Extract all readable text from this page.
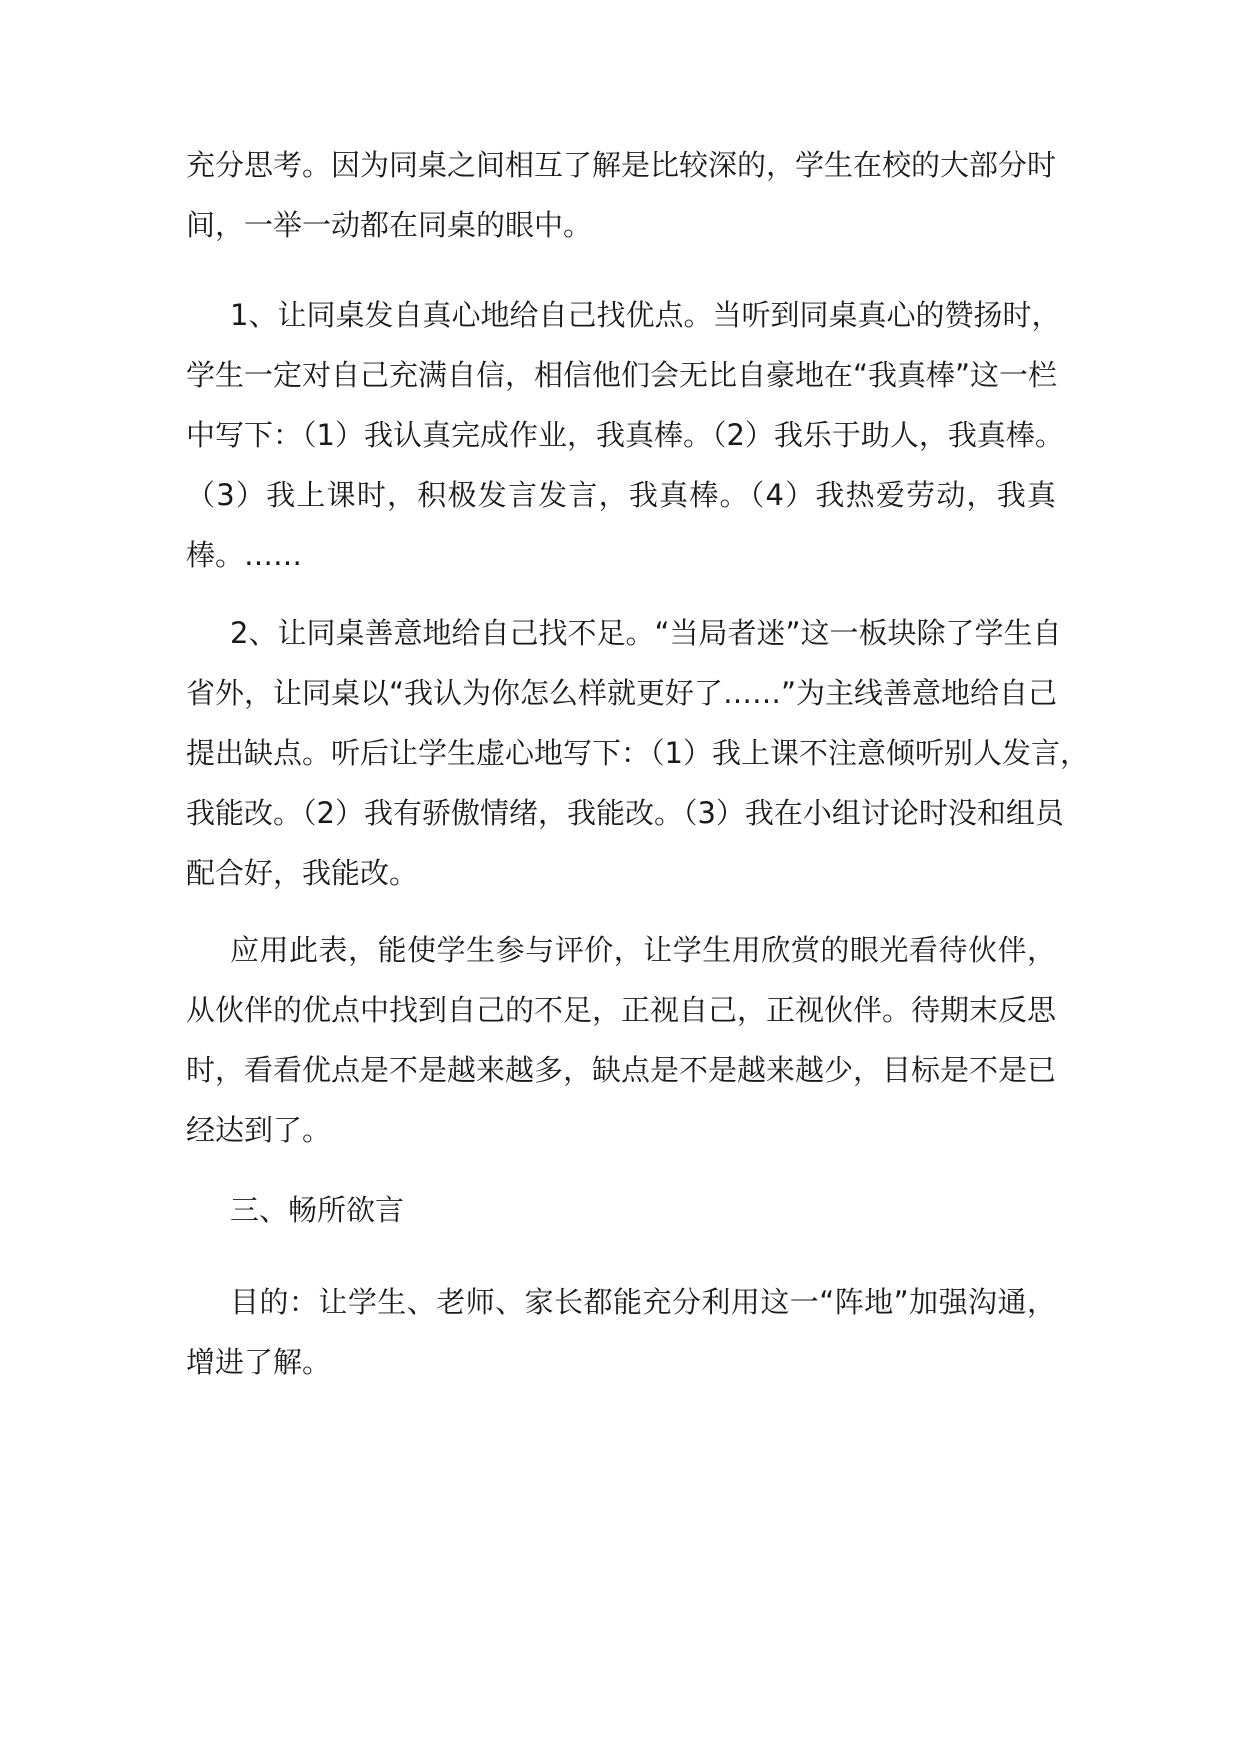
充分思考。因为同桌之间相互了解是比较深的，学生在校的大部分时
间，一举一动都在同桌的眼中。
1、让同桌发自真心地给自己找优点。当听到同桌真心的赞扬时，
学生一定对自己充满自信，相信他们会无比自豪地在“我真棒”这一栏
中写下：（1）我认真完成作业，我真棒。（2）我乐于助人，我真棒。
（3）我上课时，积极发言发言，我真棒。（4）我热爱劳动，我真
棒。……
2、让同桌善意地给自己找不足。“当局者迷”这一板块除了学生自
省外，让同桌以“我认为你怎么样就更好了……”为主线善意地给自己
提出缺点。听后让学生虚心地写下：（1）我上课不注意倾听别人发言，
我能改。（2）我有骄傲情绪，我能改。（3）我在小组讨论时没和组员
配合好，我能改。
应用此表，能使学生参与评价，让学生用欣赏的眼光看待伙伴，
从伙伴的优点中找到自己的不足，正视自己，正视伙伴。待期末反思
时，看看优点是不是越来越多，缺点是不是越来越少，目标是不是已
经达到了。
三、畅所欲言
目的：让学生、老师、家长都能充分利用这一“阵地”加强沟通，
增进了解。
